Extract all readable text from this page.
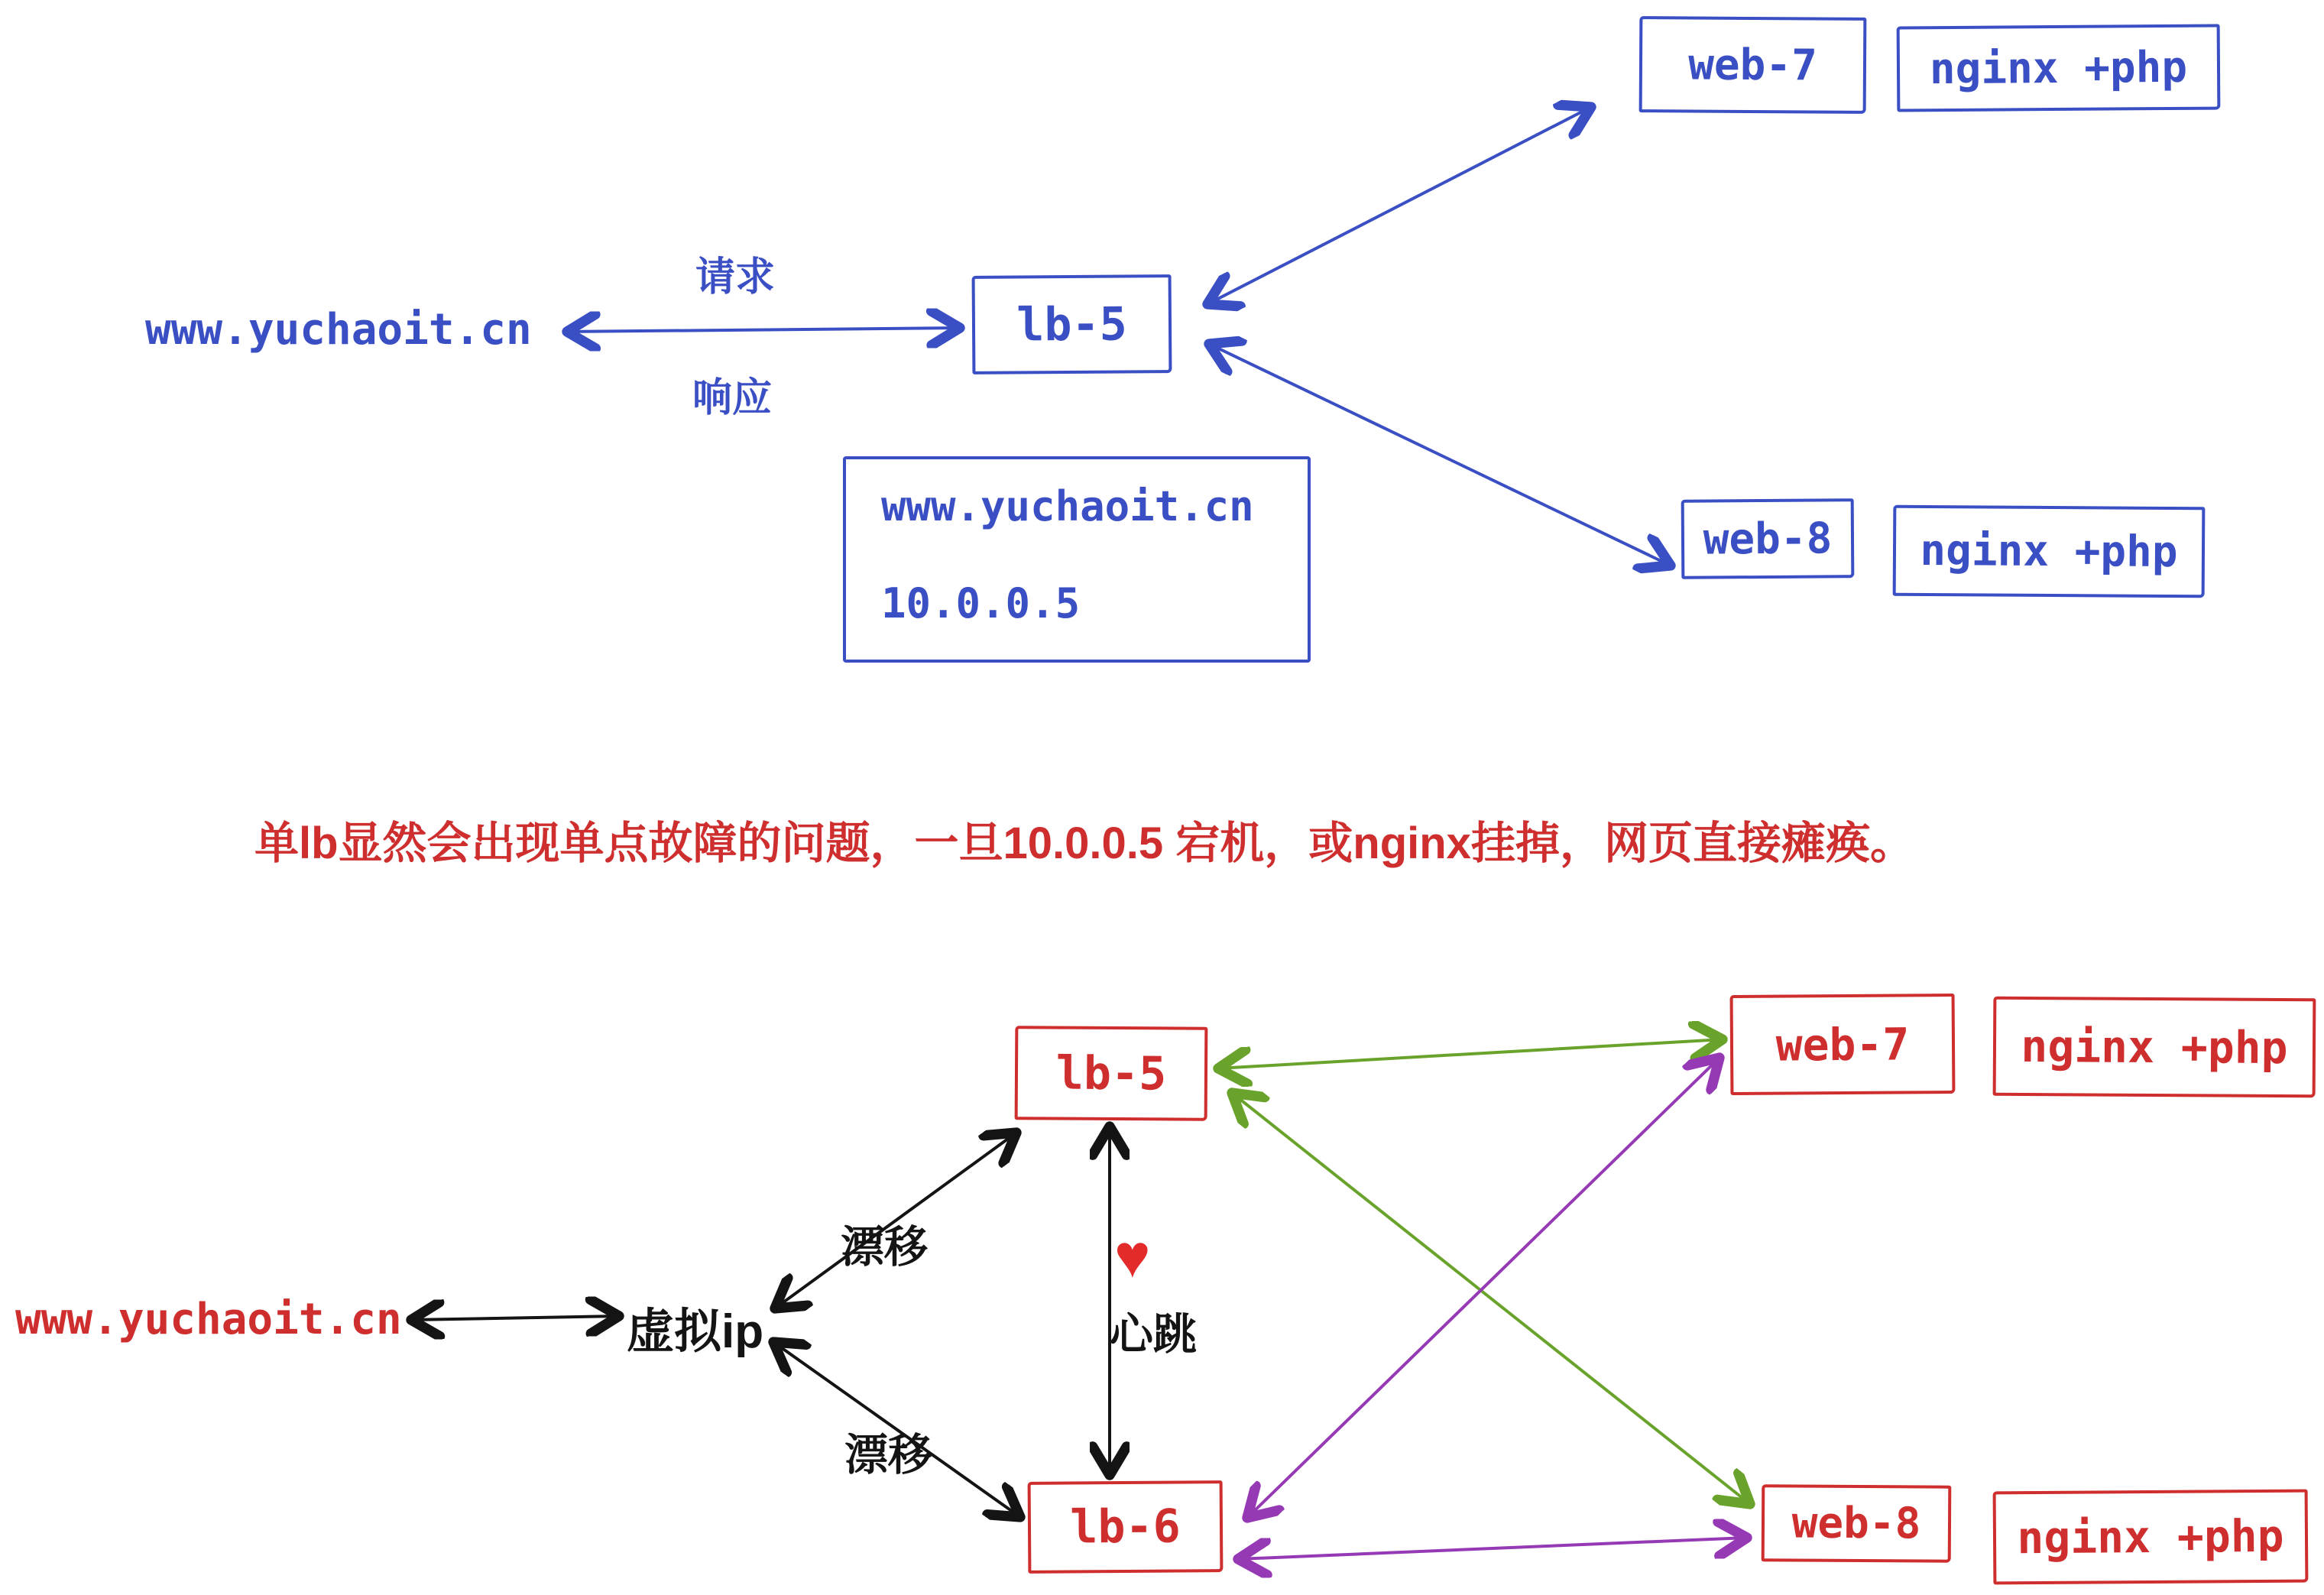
www.yuchaoit.cn
请求
响应
lb-5
web-7	nginx +php
web-8 nginx +php
www.yuchaoit.cn
10.0.0.5
单lb显然会出现单点故障的问题，一旦10.0.0.5 宕机，或nginx挂掉，网页直接瘫痪。
www.yuchaoit.cn	虚拟ip
漂移
漂移
♥
心跳
lb-5
lb-6
web-7	nginx +php
web-8 nginx +php
